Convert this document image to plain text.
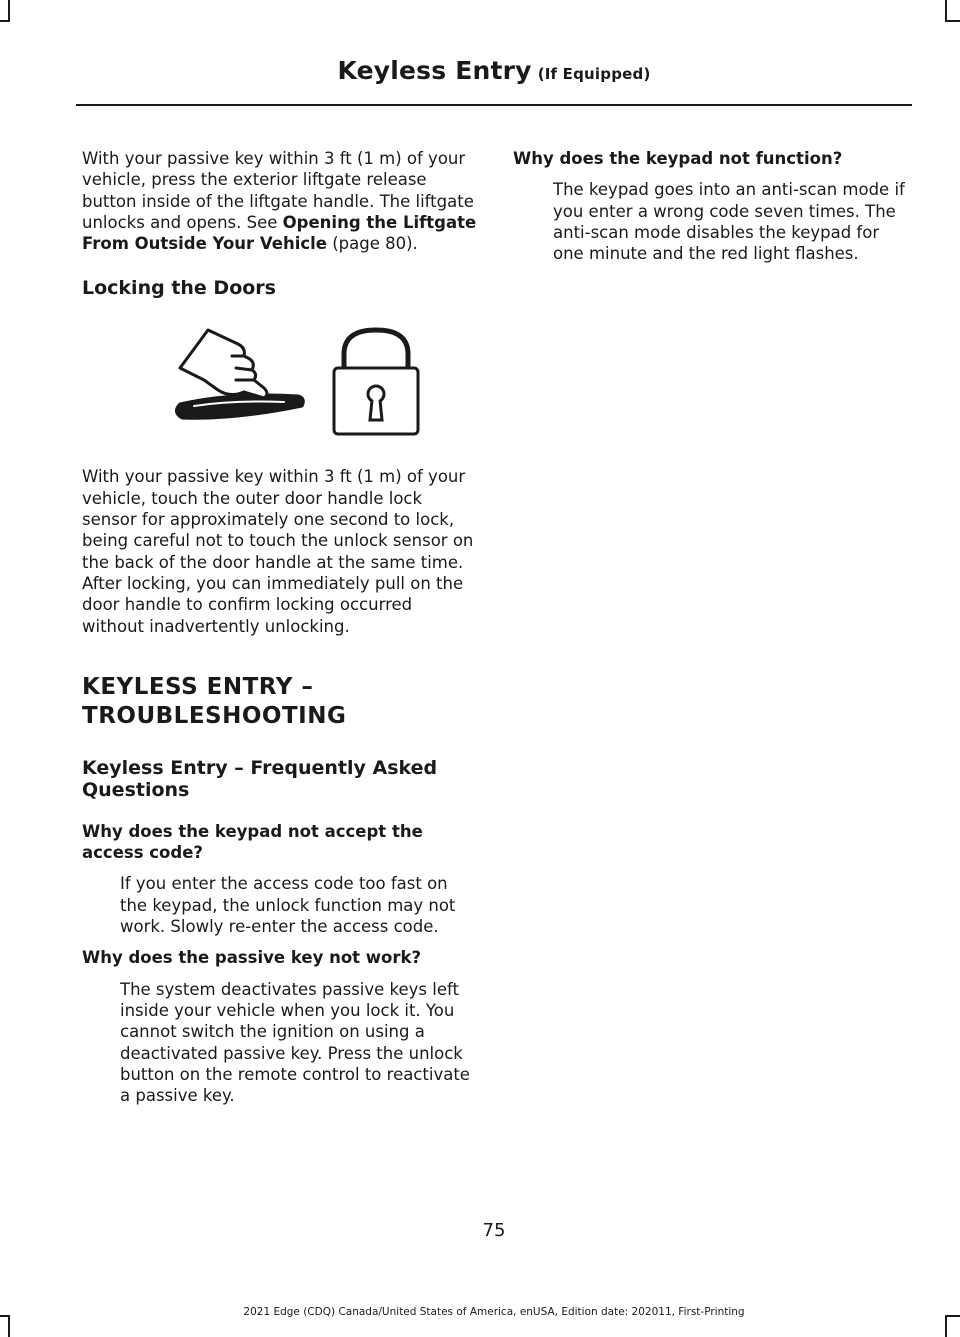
Keyless Entry (If Equipped)

With your passive key within 3 ft (1 m) of your vehicle, press the exterior liftgate release button inside of the liftgate handle. The liftgate unlocks and opens. See Opening the Liftgate From Outside Your Vehicle (page 80).

Locking the Doors

With your passive key within 3 ft (1 m) of your vehicle, touch the outer door handle lock sensor for approximately one second to lock, being careful not to touch the unlock sensor on the back of the door handle at the same time. After locking, you can immediately pull on the door handle to confirm locking occurred without inadvertently unlocking.

KEYLESS ENTRY –
TROUBLESHOOTING
Keyless Entry – Frequently Asked Questions
Why does the keypad not accept the access code?

If you enter the access code too fast on the keypad, the unlock function may not work. Slowly re-enter the access code.

Why does the passive key not work?

The system deactivates passive keys left inside your vehicle when you lock it. You cannot switch the ignition on using a deactivated passive key. Press the unlock button on the remote control to reactivate a passive key.

Why does the keypad not function?

The keypad goes into an anti-scan mode if you enter a wrong code seven times. The anti-scan mode disables the keypad for one minute and the red light flashes.

75
2021 Edge (CDQ) Canada/United States of America, enUSA, Edition date: 202011, First-Printing
